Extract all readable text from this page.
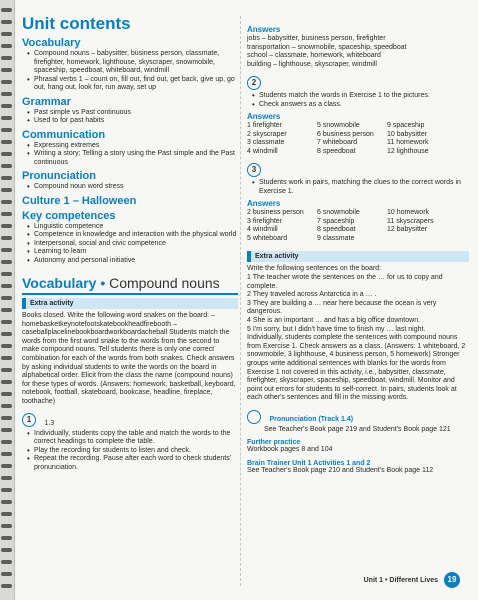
Unit contents
Vocabulary
• Compound nouns – babysitter, business person, classmate, firefighter, homework, lighthouse, skyscraper, snowmobile, spaceship, speedboat, whiteboard, windmill
• Phrasal verbs 1 – count on, fill out, find out, get back, give up, go out, hang out, look for, run away, set up
Grammar
• Past simple vs Past continuous
• Used to for past habits
Communication
• Expressing extremes
• Writing a story; Telling a story using the Past simple and the Past continuous
Pronunciation
• Compound noun word stress
Culture 1 – Halloween
Key competences
• Linguistic competence
• Competence in knowledge and interaction with the physical world
• Interpersonal, social and civic competence
• Learning to learn
• Autonomy and personal initiative
Vocabulary • Compound nouns
Extra activity

Books closed. Write the following word snakes on the board: – homebasketkeynotefootskatebookheadfirebooth – caseballplacelinebookboardworkboardacheball Students match the words from the first word snake to the words from the second to make compound nouns. Tell students there is only one correct combination for each of the words from both snakes. Check answers by asking individual students to write the words on the board in alphabetical order. Elicit from the class the name (compound nouns) for these types of words. (Answers: homework, basketball, keyboard, notebook, football, skateboard, bookcase, headline, fireplace, toothache)

1 1.3
• Individually, students copy the table and match the words to the correct headings to complete the table.
• Play the recording for students to listen and check.
• Repeat the recording. Pause after each word to check students' pronunciation.
Answers
jobs – babysitter, business person, firefighter
transportation – snowmobile, spaceship, speedboat
school – classmate, homework, whiteboard
building – lighthouse, skyscraper, windmill
2
• Students match the words in Exercise 1 to the pictures.
• Check answers as a class.
Answers
1 firefighter	5 snowmobile	9 spaceship
2 skyscraper	6 business person	10 babysitter
3 classmate	7 whiteboard	11 homework
4 windmill	8 speedboat	12 lighthouse
3
• Students work in pairs, matching the clues to the correct words in Exercise 1.
Answers
2 business person	6 snowmobile	10 homework
3 firefighter	7 spaceship	11 skyscrapers
4 windmill	8 speedboat	12 babysitter
5 whiteboard	9 classmate
Extra activity

Write the following sentences on the board:

1 The teacher wrote the sentences on the … for us to copy and complete.
2 They traveled across Antarctica in a … .
3 They are building a … near here because the ocean is very dangerous.
4 She is an important … and has a big office downtown.
5 I'm sorry, but I didn't have time to finish my … last night.

Individually, students complete the sentences with compound nouns from Exercise 1. Check answers as a class. (Answers: 1 whiteboard, 2 snowmobile, 3 lighthouse, 4 business person, 5 homework) Stronger groups write additional sentences with blanks for the words from Exercise 1 not covered in this activity, i.e., babysitter, classmate, firefighter, skyscraper, spaceship, speedboat, windmill. Monitor and point out errors for students to self-correct. In pairs, students look at each other's sentences and fill in the missing words.

Pronunciation (Track 1.4)

See Teacher's Book page 219 and Student's Book page 121

Further practice

Workbook pages 8 and 104

Brain Trainer Unit 1 Activities 1 and 2

See Teacher's Book page 210 and Student's Book page 112

Unit 1 • Different Lives 19
